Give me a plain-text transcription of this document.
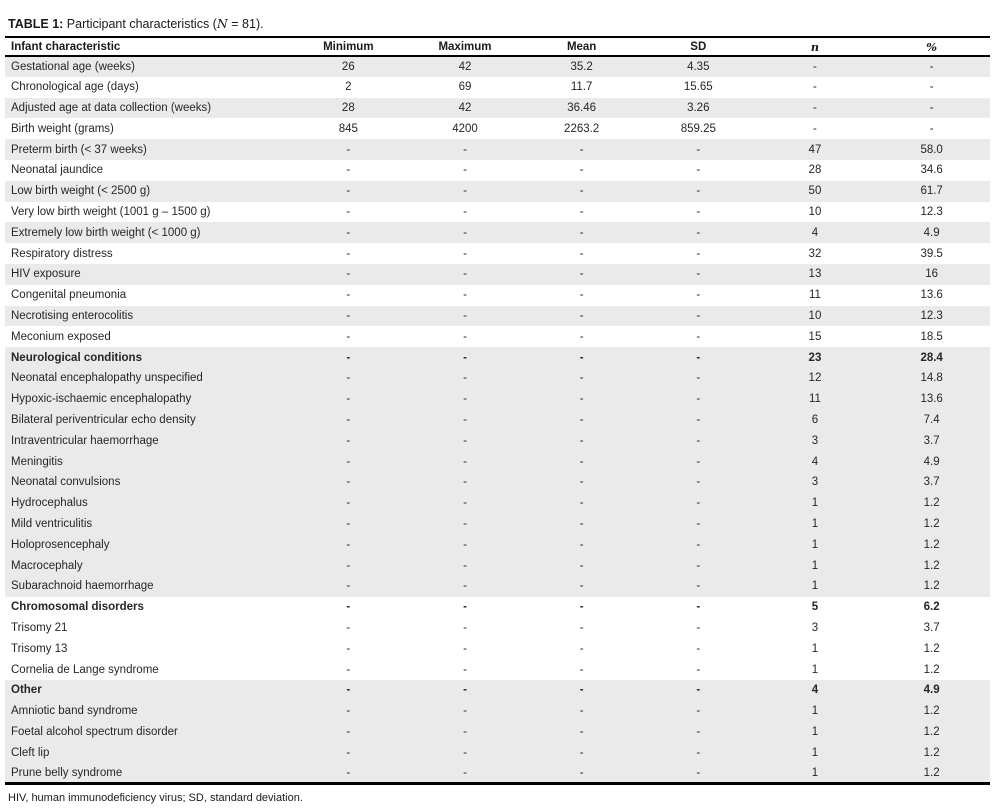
TABLE 1: Participant characteristics (N = 81).
Infant characteristic	Minimum	Maximum	Mean	SD	n	%
Gestational age (weeks)	26	42	35.2	4.35	-	-
Chronological age (days)	2	69	11.7	15.65	-	-
Adjusted age at data collection (weeks)	28	42	36.46	3.26	-	-
Birth weight (grams)	845	4200	2263.2	859.25	-	-
Preterm birth (< 37 weeks)	-	-	-	-	47	58.0
Neonatal jaundice	-	-	-	-	28	34.6
Low birth weight (< 2500 g)	-	-	-	-	50	61.7
Very low birth weight (1001 g – 1500 g)	-	-	-	-	10	12.3
Extremely low birth weight (< 1000 g)	-	-	-	-	4	4.9
Respiratory distress	-	-	-	-	32	39.5
HIV exposure	-	-	-	-	13	16
Congenital pneumonia	-	-	-	-	11	13.6
Necrotising enterocolitis	-	-	-	-	10	12.3
Meconium exposed	-	-	-	-	15	18.5
Neurological conditions	-	-	-	-	23	28.4
Neonatal encephalopathy unspecified	-	-	-	-	12	14.8
Hypoxic-ischaemic encephalopathy	-	-	-	-	11	13.6
Bilateral periventricular echo density	-	-	-	-	6	7.4
Intraventricular haemorrhage	-	-	-	-	3	3.7
Meningitis	-	-	-	-	4	4.9
Neonatal convulsions	-	-	-	-	3	3.7
Hydrocephalus	-	-	-	-	1	1.2
Mild ventriculitis	-	-	-	-	1	1.2
Holoprosencephaly	-	-	-	-	1	1.2
Macrocephaly	-	-	-	-	1	1.2
Subarachnoid haemorrhage	-	-	-	-	1	1.2
Chromosomal disorders	-	-	-	-	5	6.2
Trisomy 21	-	-	-	-	3	3.7
Trisomy 13	-	-	-	-	1	1.2
Cornelia de Lange syndrome	-	-	-	-	1	1.2
Other	-	-	-	-	4	4.9
Amniotic band syndrome	-	-	-	-	1	1.2
Foetal alcohol spectrum disorder	-	-	-	-	1	1.2
Cleft lip	-	-	-	-	1	1.2
Prune belly syndrome	-	-	-	-	1	1.2
HIV, human immunodeficiency virus; SD, standard deviation.
